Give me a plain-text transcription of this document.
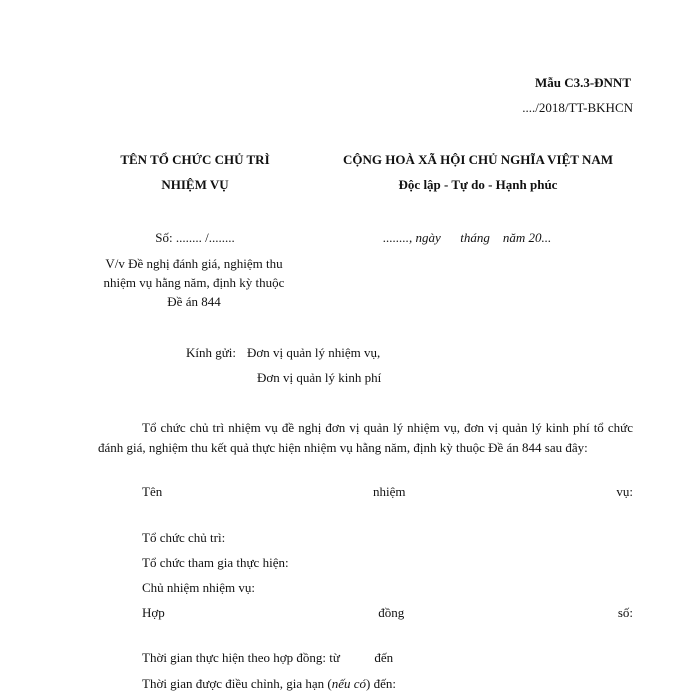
Mẫu C3.3-ĐNNT
..../2018/TT-BKHCN
TÊN TỔ CHỨC CHỦ TRÌ
NHIỆM VỤ
Số: ........ /........
V/v Đề nghị đánh giá, nghiệm thu
nhiệm vụ hằng năm, định kỳ thuộc
Đề án 844
CỘNG HOÀ XÃ HỘI CHỦ NGHĨA VIỆT NAM
Độc lập - Tự do - Hạnh phúc
........, ngày      tháng    năm 20...
Kính gửi: Đơn vị quản lý nhiệm vụ,
Đơn vị quản lý kinh phí
Tổ chức chủ trì nhiệm vụ đề nghị đơn vị quản lý nhiệm vụ, đơn vị quản lý kinh phí tổ chức đánh giá, nghiệm thu kết quả thực hiện nhiệm vụ hằng năm, định kỳ thuộc Đề án 844 sau đây:
Tên	nhiệm	vụ:
Tổ chức chủ trì:
Tổ chức tham gia thực hiện:
Chủ nhiệm nhiệm vụ:
Hợp	đồng	số:
Thời gian thực hiện theo hợp đồng: từ	đến
Thời gian được điều chỉnh, gia hạn (nếu có) đến:
